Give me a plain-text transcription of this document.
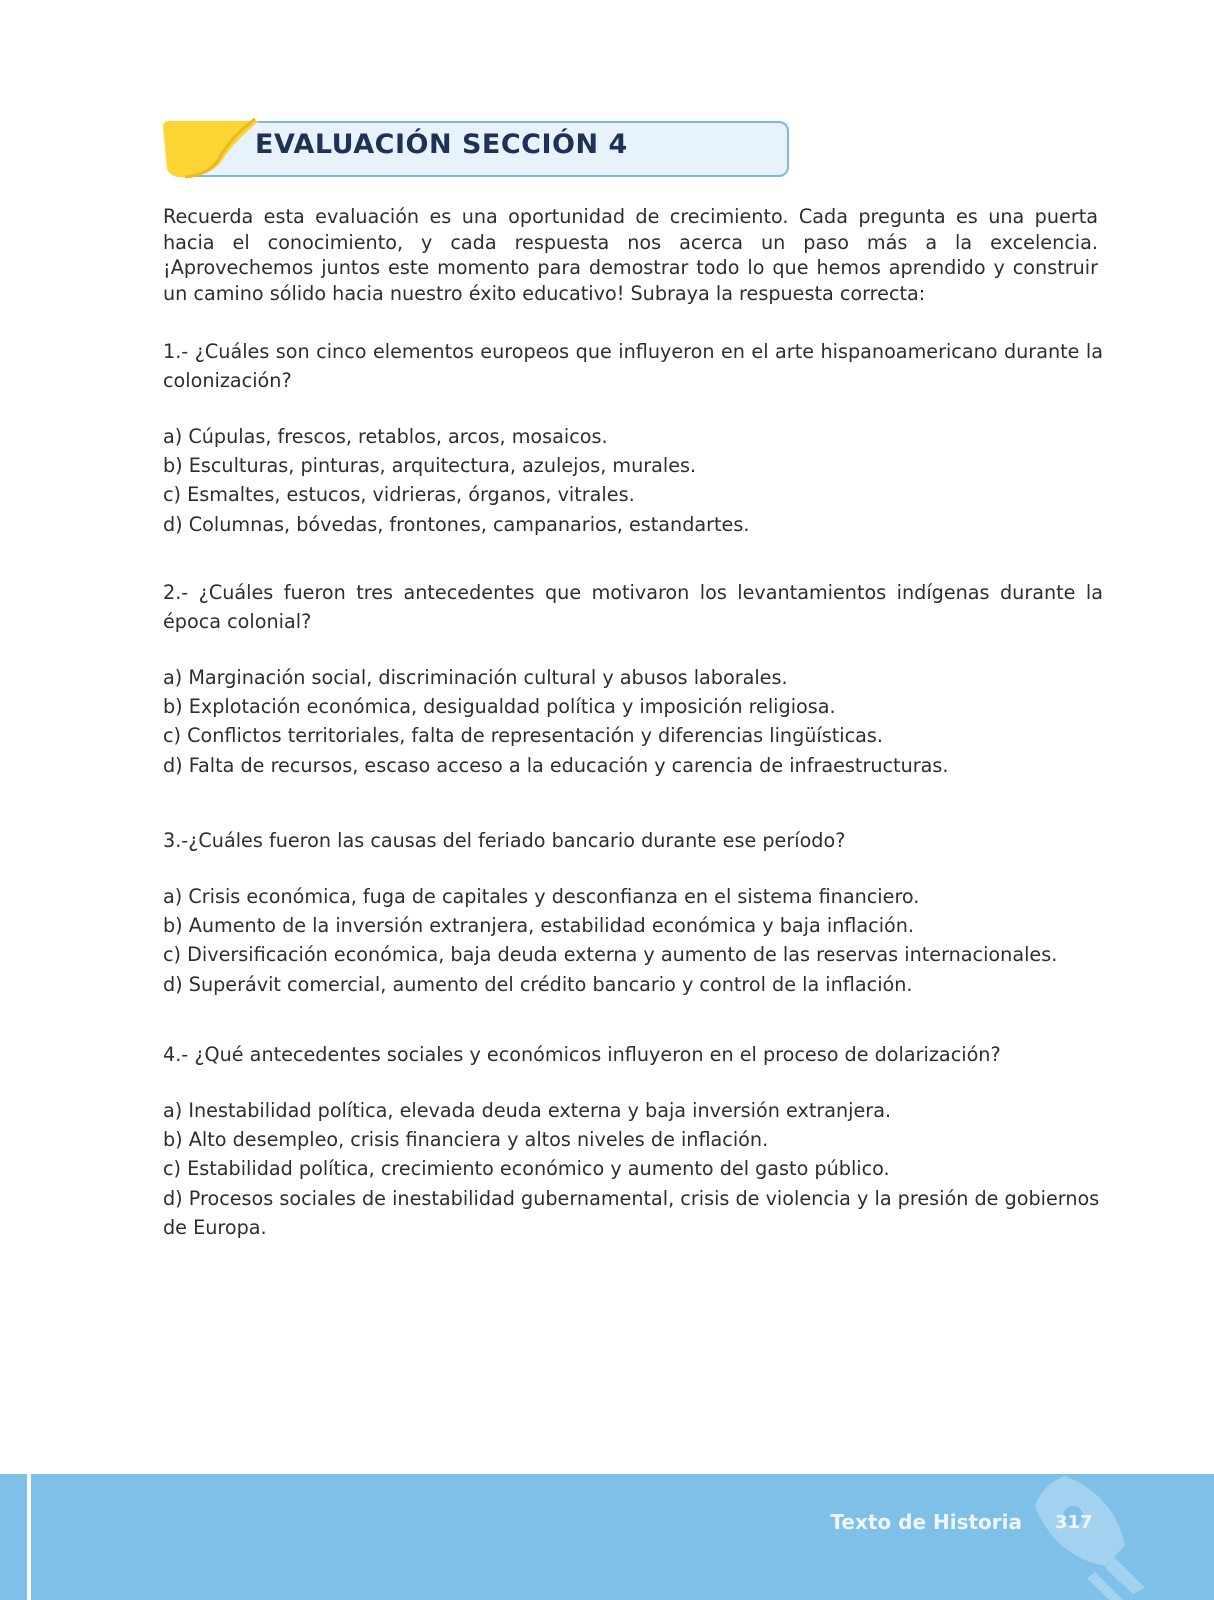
EVALUACIÓN SECCIÓN 4
Recuerda esta evaluación es una oportunidad de crecimiento. Cada pregunta es una puerta hacia el conocimiento, y cada respuesta nos acerca un paso más a la excelencia. ¡Aprovechemos juntos este momento para demostrar todo lo que hemos aprendido y construir un camino sólido hacia nuestro éxito educativo! Subraya la respuesta correcta:

1.- ¿Cuáles son cinco elementos europeos que influyeron en el arte hispanoamericano durante la colonización?

a) Cúpulas, frescos, retablos, arcos, mosaicos.

b) Esculturas, pinturas, arquitectura, azulejos, murales.

c) Esmaltes, estucos, vidrieras, órganos, vitrales.

d) Columnas, bóvedas, frontones, campanarios, estandartes.

2.- ¿Cuáles fueron tres antecedentes que motivaron los levantamientos indígenas durante la época colonial?

a) Marginación social, discriminación cultural y abusos laborales.

b) Explotación económica, desigualdad política y imposición religiosa.

c) Conflictos territoriales, falta de representación y diferencias lingüísticas.

d) Falta de recursos, escaso acceso a la educación y carencia de infraestructuras.

3.-¿Cuáles fueron las causas del feriado bancario durante ese período?

a) Crisis económica, fuga de capitales y desconfianza en el sistema financiero.

b) Aumento de la inversión extranjera, estabilidad económica y baja inflación.

c) Diversificación económica, baja deuda externa y aumento de las reservas internacionales.

d) Superávit comercial, aumento del crédito bancario y control de la inflación.

4.- ¿Qué antecedentes sociales y económicos influyeron en el proceso de dolarización?

a) Inestabilidad política, elevada deuda externa y baja inversión extranjera.

b) Alto desempleo, crisis financiera y altos niveles de inflación.

c) Estabilidad política, crecimiento económico y aumento del gasto público.

d) Procesos sociales de inestabilidad gubernamental, crisis de violencia y la presión de gobiernos de Europa.

Texto de Historia 317
